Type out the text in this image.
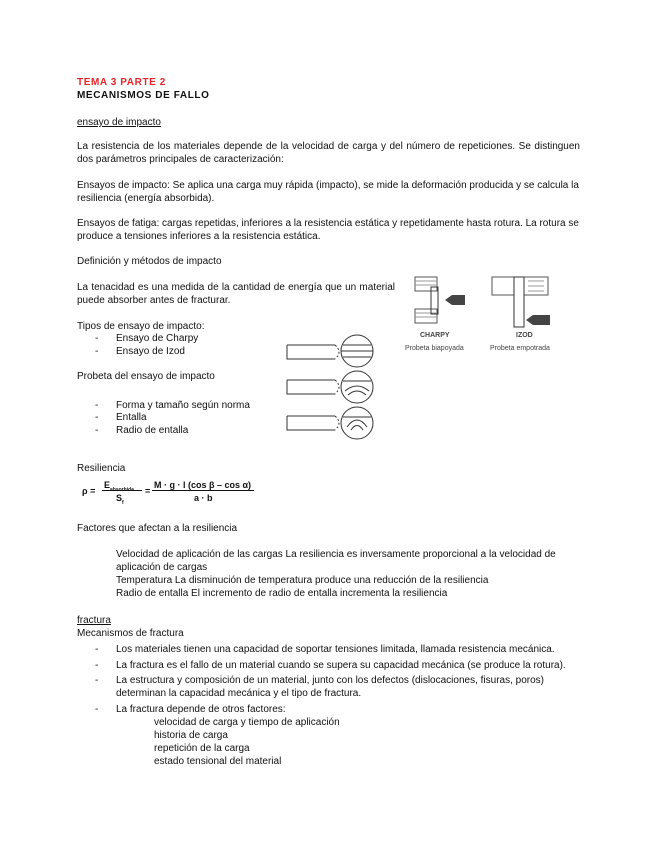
TEMA 3 PARTE 2
MECANISMOS DE FALLO
ensayo de impacto
La resistencia de los materiales depende de la velocidad de carga y del número de repeticiones. Se distinguen dos parámetros principales de caracterización:
Ensayos de impacto: Se aplica una carga muy rápida (impacto), se mide la deformación producida y se calcula la resiliencia (energía absorbida).
Ensayos de fatiga: cargas repetidas, inferiores a la resistencia estática y repetidamente hasta rotura. La rotura se produce a tensiones inferiores a la resistencia estática.
Definición y métodos de impacto
La tenacidad es una medida de la cantidad de energía que un material puede absorber antes de fracturar.
Tipos de ensayo de impacto:
- Ensayo de Charpy
- Ensayo de Izod
Probeta del ensayo de impacto
- Forma y tamaño según norma
- Entalla
- Radio de entalla
CHARPY
Probeta biapoyada
IZOD
Probeta empotrada
Resiliencia
ρ =
$E_{absorbida}$
$S_f$
=
M · g · l (cos β – cos α)
a · b
Factores que afectan a la resiliencia
Velocidad de aplicación de las cargas La resiliencia es inversamente proporcional a la velocidad de aplicación de cargas
Temperatura La disminución de temperatura produce una reducción de la resiliencia
Radio de entalla El incremento de radio de entalla incrementa la resiliencia
fractura
Mecanismos de fractura
- Los materiales tienen una capacidad de soportar tensiones limitada, llamada resistencia mecánica.
- La fractura es el fallo de un material cuando se supera su capacidad mecánica (se produce la rotura).
- La estructura y composición de un material, junto con los defectos (dislocaciones, fisuras, poros) determinan la capacidad mecánica y el tipo de fractura.
- La fractura depende de otros factores:
velocidad de carga y tiempo de aplicación
historia de carga
repetición de la carga
estado tensional del material
